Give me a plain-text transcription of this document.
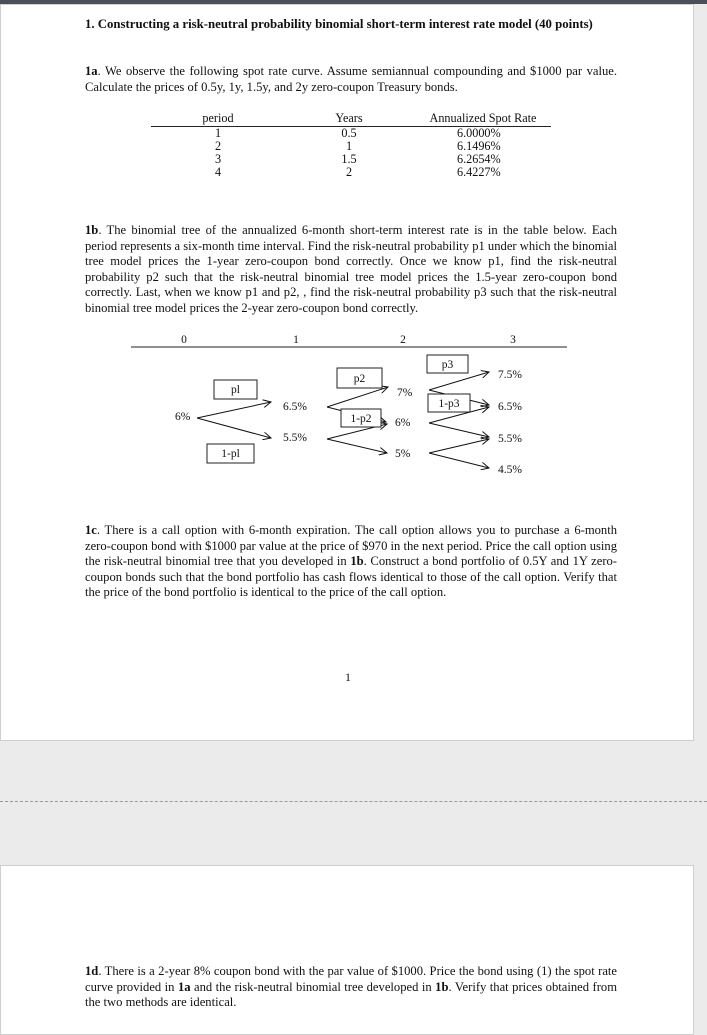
1. Constructing a risk-neutral probability binomial short-term interest rate model (40 points)
1a. We observe the following spot rate curve. Assume semiannual compounding and $1000 par value. Calculate the prices of 0.5y, 1y, 1.5y, and 2y zero-coupon Treasury bonds.
period	Years	Annualized Spot Rate
1	0.5	6.0000%
2	1	6.1496%
3	1.5	6.2654%
4	2	6.4227%
1b. The binomial tree of the annualized 6-month short-term interest rate is in the table below. Each period represents a six-month time interval. Find the risk-neutral probability p1 under which the binomial tree model prices the 1-year zero-coupon bond correctly. Once we know p1, find the risk-neutral probability p2 such that the risk-neutral binomial tree model prices the 1.5-year zero-coupon bond correctly. Last, when we know p1 and p2, , find the risk-neutral probability p3 such that the risk-neutral binomial tree model prices the 2-year zero-coupon bond correctly.
0	1	2	3
6%
pl
1-pl
6.5%
5.5%
p2
1-p2
7%
6%
5%
p3
1-p3
7.5%
6.5%
5.5%
4.5%
1c. There is a call option with 6-month expiration. The call option allows you to purchase a 6-month zero-coupon bond with $1000 par value at the price of $970 in the next period. Price the call option using the risk-neutral binomial tree that you developed in 1b. Construct a bond portfolio of 0.5Y and 1Y zero-coupon bonds such that the bond portfolio has cash flows identical to those of the call option. Verify that the price of the bond portfolio is identical to the price of the call option.
1
1d. There is a 2-year 8% coupon bond with the par value of $1000. Price the bond using (1) the spot rate curve provided in 1a and the risk-neutral binomial tree developed in 1b. Verify that prices obtained from the two methods are identical.
